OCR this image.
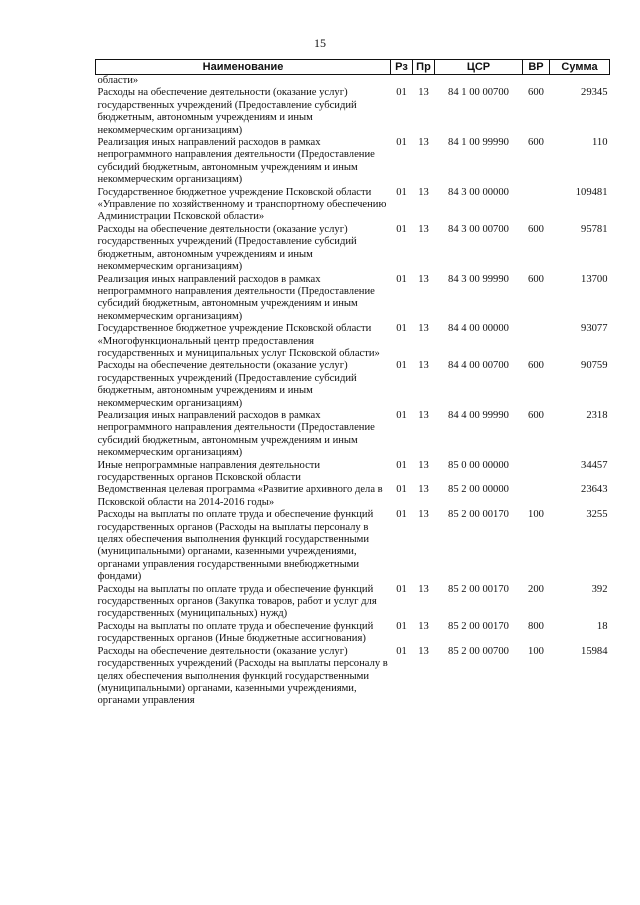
15
Наименование	Рз	Пр	ЦСР	ВР	Сумма
области»					
Расходы на обеспечение деятельности (оказание услуг) государственных учреждений (Предоставление субсидий бюджетным, автономным учреждениям и иным некоммерческим организациям)	01	13	84 1 00 00700	600	29345
Реализация иных направлений расходов в рамках непрограммного направления деятельности (Предоставление субсидий бюджетным, автономным учреждениям и иным некоммерческим организациям)	01	13	84 1 00 99990	600	110
Государственное бюджетное учреждение Псковской области «Управление по хозяйственному и транспортному обеспечению Администрации Псковской области»	01	13	84 3 00 00000		109481
Расходы на обеспечение деятельности (оказание услуг) государственных учреждений (Предоставление субсидий бюджетным, автономным учреждениям и иным некоммерческим организациям)	01	13	84 3 00 00700	600	95781
Реализация иных направлений расходов в рамках непрограммного направления деятельности (Предоставление субсидий бюджетным, автономным учреждениям и иным некоммерческим организациям)	01	13	84 3 00 99990	600	13700
Государственное бюджетное учреждение Псковской области «Многофункциональный центр предоставления государственных и муниципальных услуг Псковской области»	01	13	84 4 00 00000		93077
Расходы на обеспечение деятельности (оказание услуг) государственных учреждений (Предоставление субсидий бюджетным, автономным учреждениям и иным некоммерческим организациям)	01	13	84 4 00 00700	600	90759
Реализация иных направлений расходов в рамках непрограммного направления деятельности (Предоставление субсидий бюджетным, автономным учреждениям и иным некоммерческим организациям)	01	13	84 4 00 99990	600	2318
Иные непрограммные направления деятельности государственных органов Псковской области	01	13	85 0 00 00000		34457
Ведомственная целевая программа «Развитие архивного дела в Псковской области на 2014-2016 годы»	01	13	85 2 00 00000		23643
Расходы на выплаты по оплате труда и обеспечение функций государственных органов (Расходы на выплаты персоналу в целях обеспечения выполнения функций государственными (муниципальными) органами, казенными учреждениями, органами управления государственными внебюджетными фондами)	01	13	85 2 00 00170	100	3255
Расходы на выплаты по оплате труда и обеспечение функций государственных органов (Закупка товаров, работ и услуг для государственных (муниципальных) нужд)	01	13	85 2 00 00170	200	392
Расходы на выплаты по оплате труда и обеспечение функций государственных органов (Иные бюджетные ассигнования)	01	13	85 2 00 00170	800	18
Расходы на обеспечение деятельности (оказание услуг) государственных учреждений (Расходы на выплаты персоналу в целях обеспечения выполнения функций государственными (муниципальными) органами, казенными учреждениями, органами управления	01	13	85 2 00 00700	100	15984
